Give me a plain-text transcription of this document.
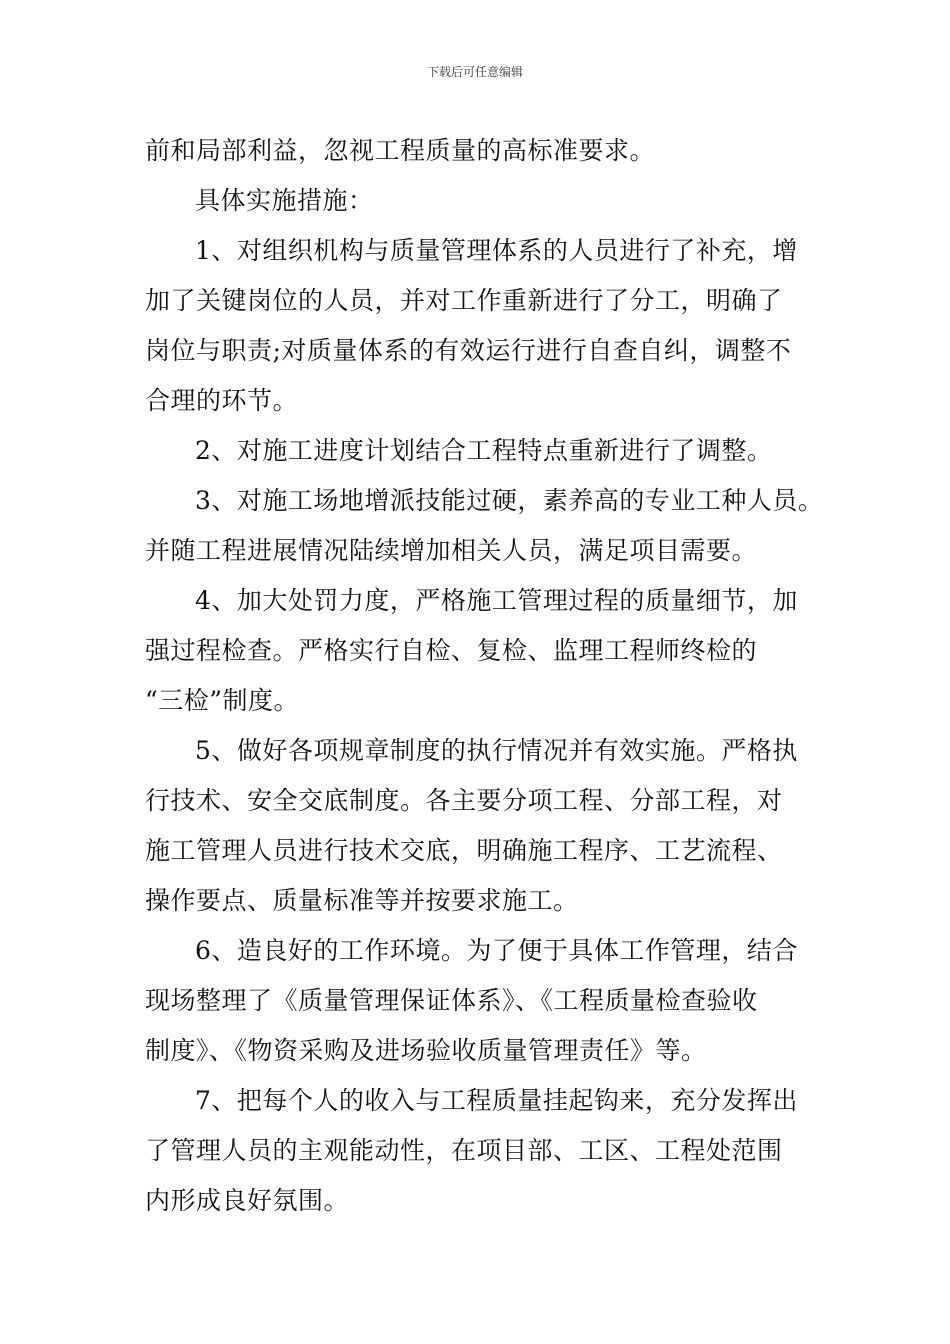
下载后可任意编辑
前和局部利益，忽视工程质量的高标准要求。
具体实施措施：
1、对组织机构与质量管理体系的人员进行了补充，增
加了关键岗位的人员，并对工作重新进行了分工，明确了
岗位与职责;对质量体系的有效运行进行自查自纠，调整不
合理的环节。
2、对施工进度计划结合工程特点重新进行了调整。
3、对施工场地增派技能过硬，素养高的专业工种人员。
并随工程进展情况陆续增加相关人员，满足项目需要。
4、加大处罚力度，严格施工管理过程的质量细节，加
强过程检查。严格实行自检、复检、监理工程师终检的
“三检”制度。
5、做好各项规章制度的执行情况并有效实施。严格执
行技术、安全交底制度。各主要分项工程、分部工程，对
施工管理人员进行技术交底，明确施工程序、工艺流程、
操作要点、质量标准等并按要求施工。
6、造良好的工作环境。为了便于具体工作管理，结合
现场整理了《质量管理保证体系》、《工程质量检查验收
制度》、《物资采购及进场验收质量管理责任》等。
7、把每个人的收入与工程质量挂起钩来，充分发挥出
了管理人员的主观能动性，在项目部、工区、工程处范围
内形成良好氛围。
